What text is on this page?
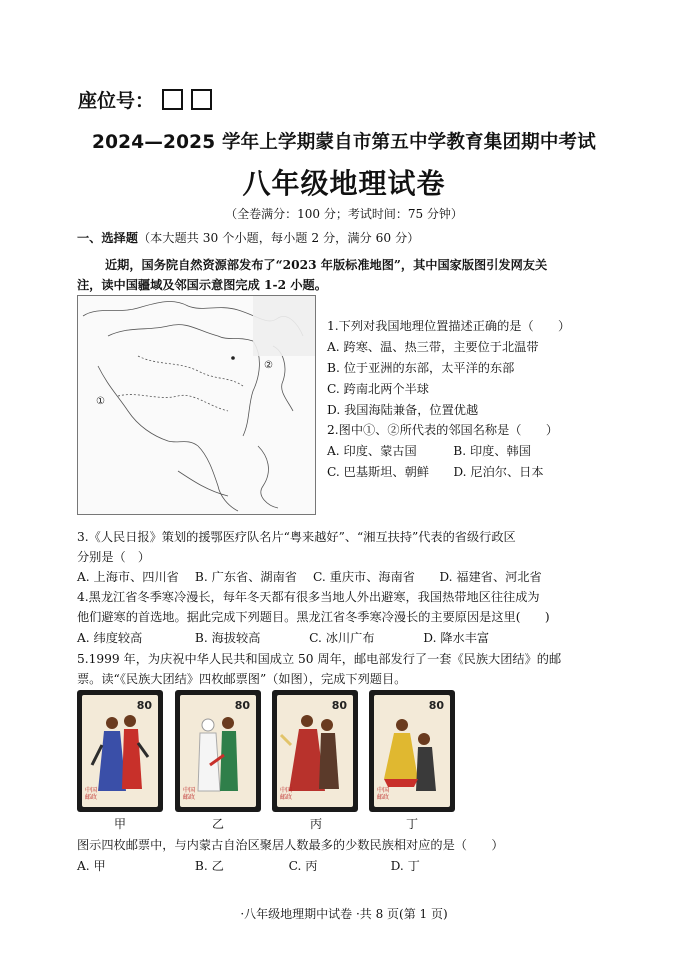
座位号：
2024—2025 学年上学期蒙自市第五中学教育集团期中考试
八年级地理试卷
（全卷满分：100 分；考试时间：75 分钟）
一、选择题（本大题共 30 个小题，每小题 2 分，满分 60 分）
近期，国务院自然资源部发布了“2023 年版标准地图”，其中国家版图引发网友关
注，读中国疆域及邻国示意图完成 1-2 小题。
①
②
1.下列对我国地理位置描述正确的是（　　）
A. 跨寒、温、热三带，主要位于北温带
B. 位于亚洲的东部，太平洋的东部
C. 跨南北两个半球
D. 我国海陆兼备，位置优越
2.图中①、②所代表的邻国名称是（　　）
A. 印度、蒙古国　　　B. 印度、韩国
C. 巴基斯坦、朝鲜　　D. 尼泊尔、日本
3.《人民日报》策划的援鄂医疗队名片“粤来越好”、“湘互扶持”代表的省级行政区
分别是（　）
A. 上海市、四川省　 B. 广东省、湖南省　 C. 重庆市、海南省　　D. 福建省、河北省
4.黑龙江省冬季寒冷漫长，每年冬天都有很多当地人外出避寒，我国热带地区往往成为
他们避寒的首选地。据此完成下列题目。黑龙江省冬季寒冷漫长的主要原因是这里(　　)
A. 纬度较高　　　　 B. 海拔较高　　　　C. 冰川广布　　　　D. 降水丰富
5.1999 年，为庆祝中华人民共和国成立 50 周年，邮电部发行了一套《民族大团结》的邮
票。读“《民族大团结》四枚邮票图”（如图），完成下列题目。
80
中国邮政
80
中国邮政
80
中国邮政
80
中国邮政
甲	乙	丙	丁
图示四枚邮票中，与内蒙古自治区聚居人数最多的少数民族相对应的是（　　）
A. 甲　　　　　　　 B. 乙　　　　　 C. 丙　　　　　　D. 丁
·八年级地理期中试卷 ·共 8 页(第 1 页)
